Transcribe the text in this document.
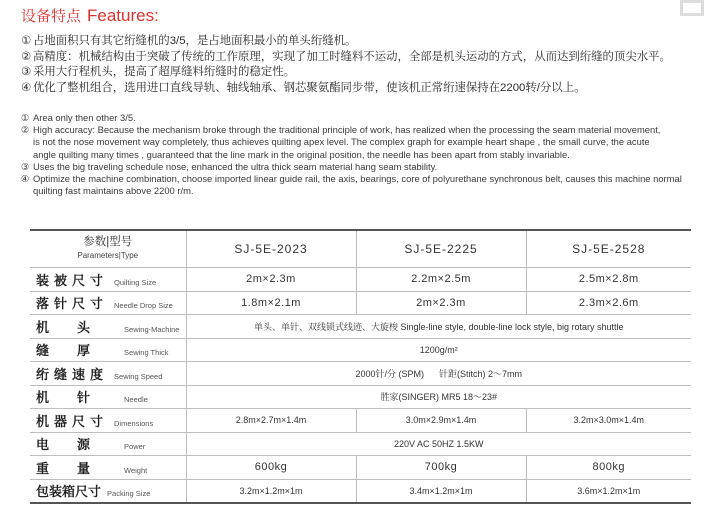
设备特点 Features:
① 占地面积只有其它绗缝机的3/5，是占地面积最小的单头绗缝机。
② 高精度：机械结构由于突破了传统的工作原理，实现了加工时缝料不运动，全部是机头运动的方式，从而达到绗缝的顶尖水平。
③ 采用大行程机头，提高了超厚缝料绗缝时的稳定性。
④ 优化了整机组合，选用进口直线导轨、轴线轴承、钢芯聚氨酯同步带，使该机正常绗速保持在2200转/分以上。
① Area only then other 3/5.
② High accuracy: Because the mechanism broke through the traditional principle of work, has realized when the processing the seam material movement,
is not the nose movement way completely, thus achieves quilting apex level. The complex graph for example heart shape , the small curve, the acute
angle quilting many times , guaranteed that the line mark in the original position, the needle has been apart from stably invariable.
③ Uses the big traveling schedule nose, enhanced the ultra thick seam material hang seam stability.
④ Optimize the machine combination, choose imported linear guide rail, the axis, bearings, core of polyurethane synchronous belt, causes this machine normal
quilting fast maintains above 2200 r/m.
参数|型号
Parameters|Type	SJ-5E-2023	SJ-5E-2225	SJ-5E-2528
装被尺寸 Quilting Size	2m×2.3m	2.2m×2.5m	2.5m×2.8m
落针尺寸 Needle Drop Size	1.8m×2.1m	2m×2.3m	2.3m×2.6m
机头 Sewing-Machine	单头、单针、双线锁式线迹、大旋梭 Single-line style, double-line lock style, big rotary shuttle		
缝厚 Sewing Thick	1200g/m²		
绗缝速度 Sewing Speed	2000针/分 (SPM) 针距(Stitch) 2～7mm		
机针 Needle	胜家(SINGER) MR5 18～23#		
机器尺寸 Dimensions	2.8m×2.7m×1.4m	3.0m×2.9m×1.4m	3.2m×3.0m×1.4m
电源 Power	220V AC 50HZ 1.5KW		
重量 Weight	600kg	700kg	800kg
包装箱尺寸 Packing Size	3.2m×1.2m×1m	3.4m×1.2m×1m	3.6m×1.2m×1m
